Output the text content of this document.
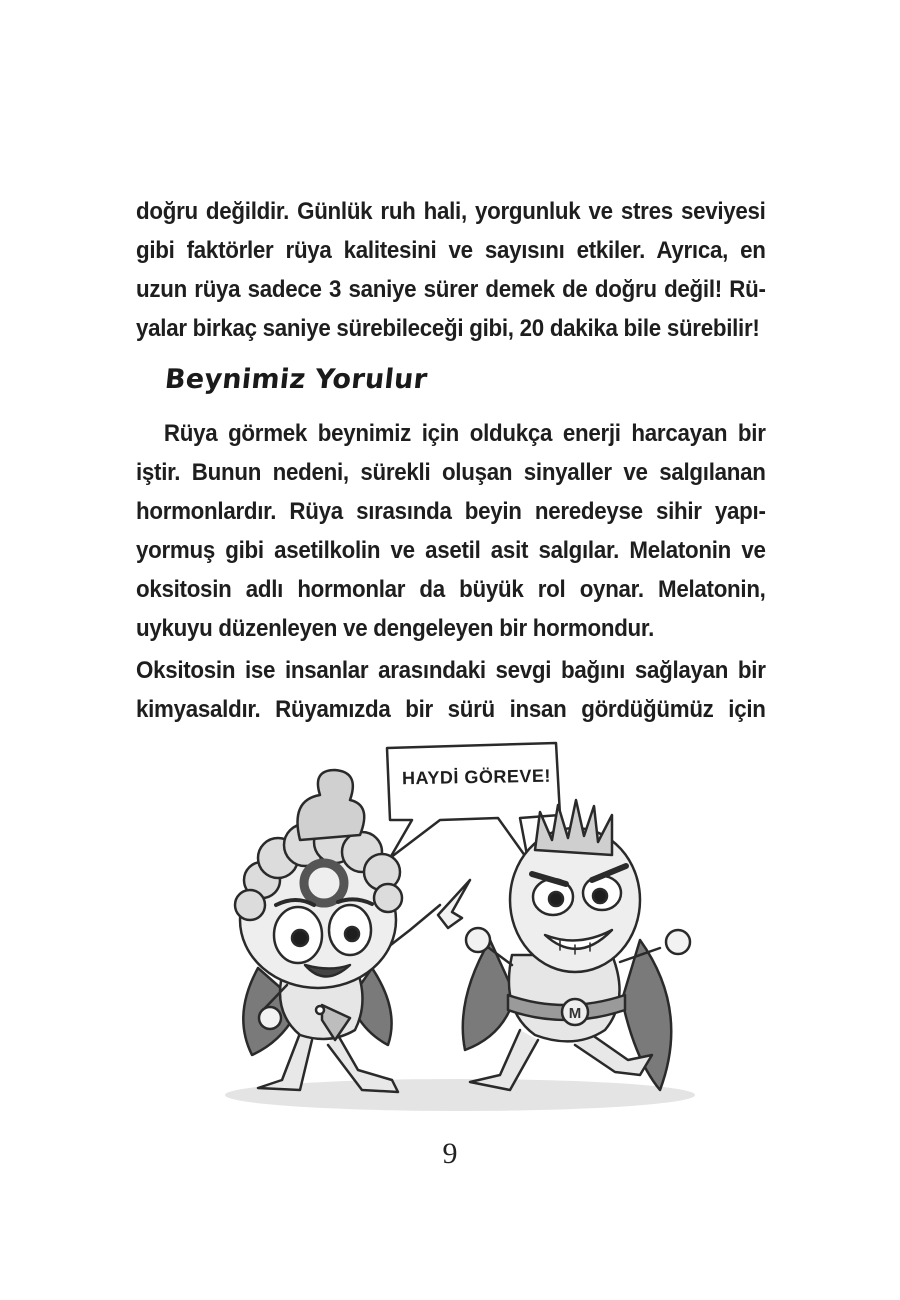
doğru değildir. Günlük ruh hali, yorgunluk ve stres seviyesi
gibi faktörler rüya kalitesini ve sayısını etkiler. Ayrıca, en
uzun rüya sadece 3 saniye sürer demek de doğru değil! Rü-
yalar birkaç saniye sürebileceği gibi, 20 dakika bile sürebilir!
Beynimiz Yorulur
Rüya görmek beynimiz için oldukça enerji harcayan bir
iştir. Bunun nedeni, sürekli oluşan sinyaller ve salgılanan
hormonlardır. Rüya sırasında beyin neredeyse sihir yapı-
yormuş gibi asetilkolin ve asetil asit salgılar. Melatonin ve
oksitosin adlı hormonlar da büyük rol oynar. Melatonin,
uykuyu düzenleyen ve dengeleyen bir hormondur.
Oksitosin ise insanlar arasındaki sevgi bağını sağlayan bir
kimyasaldır. Rüyamızda bir sürü insan gördüğümüz için
M
HAYDİ GÖREVE!
9
